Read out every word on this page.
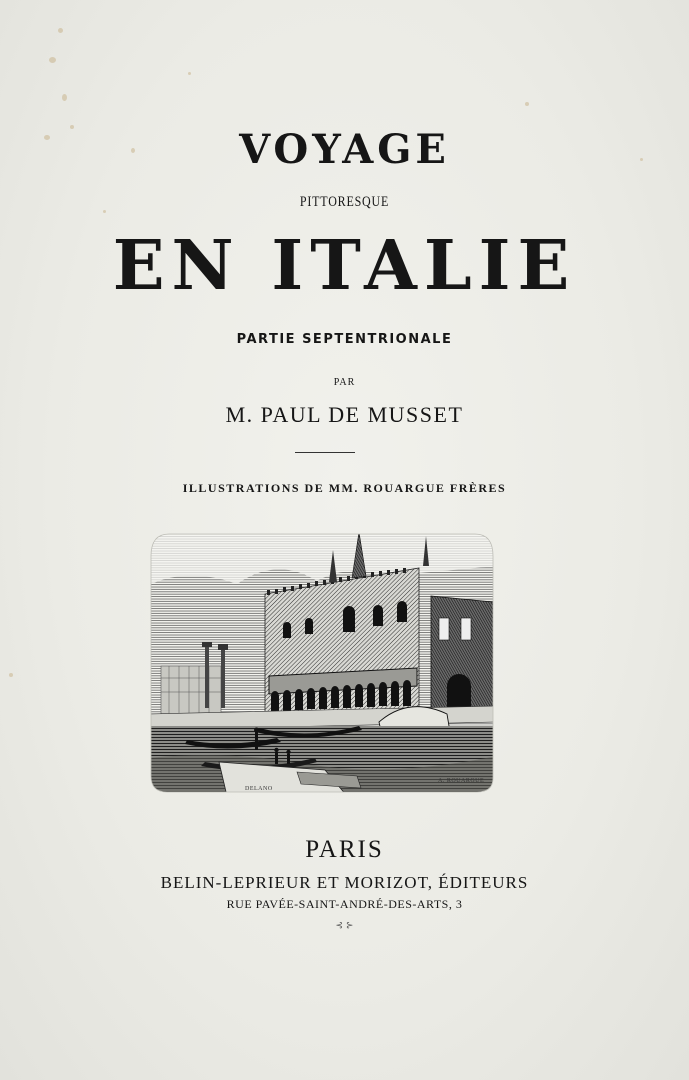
VOYAGE
PITTORESQUE
EN ITALIE
PARTIE SEPTENTRIONALE
PAR
M. PAUL DE MUSSET
ILLUSTRATIONS DE MM. ROUARGUE FRÈRES
DELANO
A. ROUARGUE
PARIS
BELIN-LEPRIEUR ET MORIZOT, ÉDITEURS
RUE PAVÉE-SAINT-ANDRÉ-DES-ARTS, 3
⊰ ⊱
